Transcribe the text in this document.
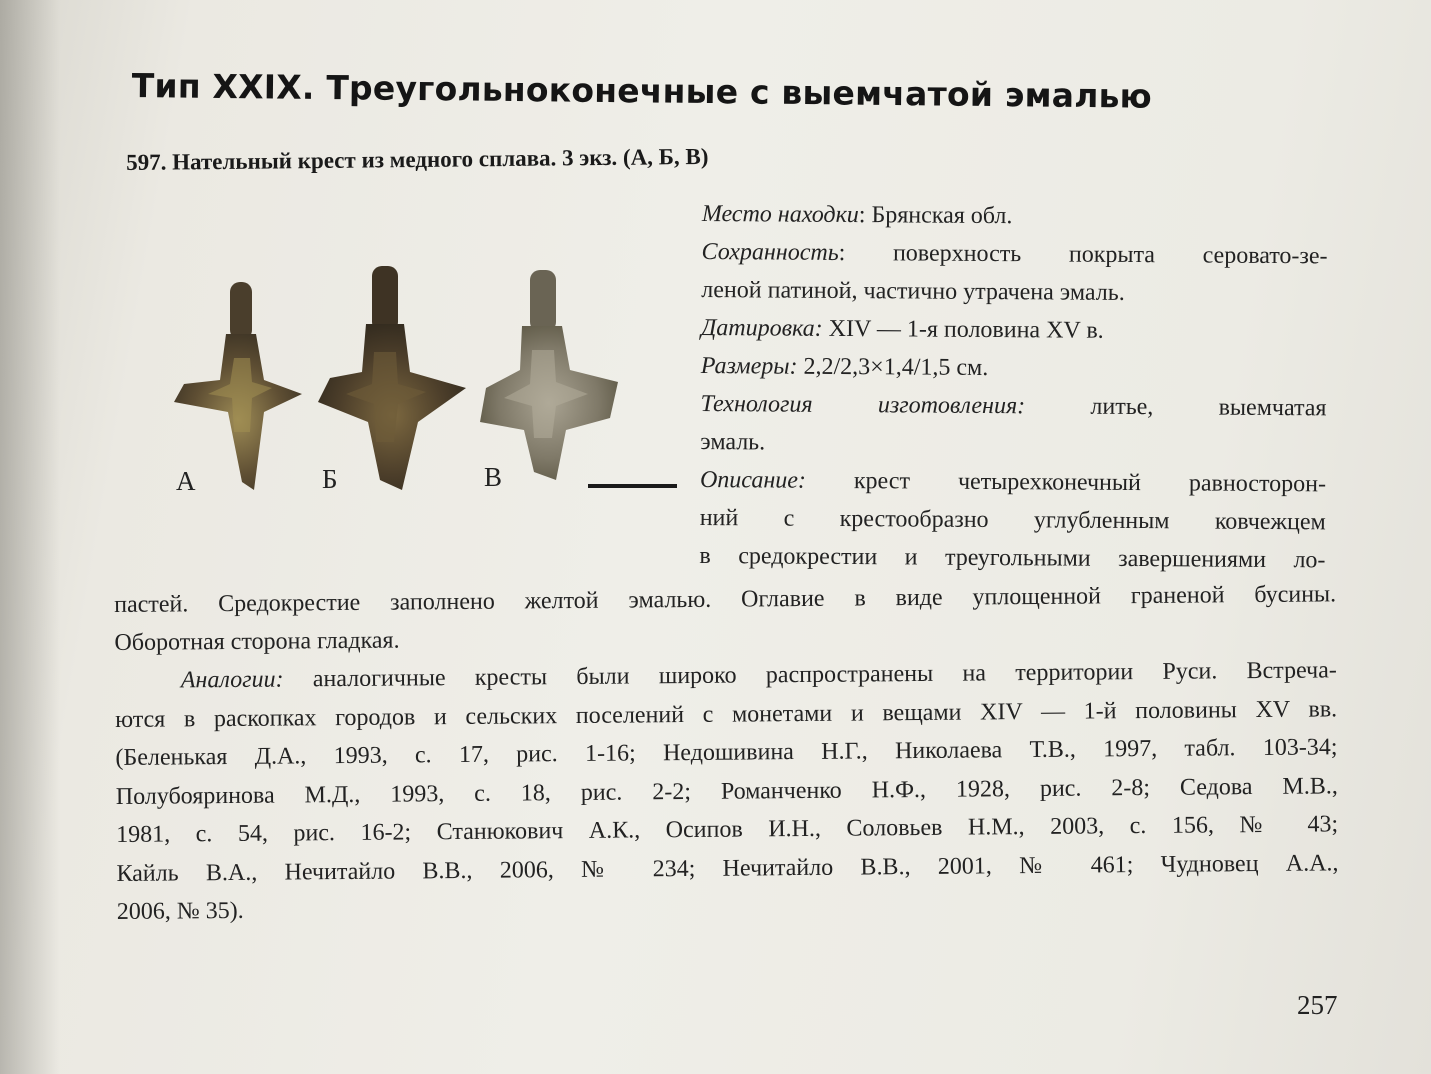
Тип XXIX. Треугольноконечные с выемчатой эмалью
597. Нательный крест из медного сплава. 3 экз. (А, Б, В)
А	Б	В
Место находки: Брянская обл.
Сохранность: поверхность покрыта серовато-зе-
леной патиной, частично утрачена эмаль.
Датировка: XIV — 1-я половина XV в.
Размеры: 2,2/2,3×1,4/1,5 см.
Технология изготовления: литье, выемчатая
эмаль.
Описание: крест четырехконечный равносторон-
ний с крестообразно углубленным ковчежцем
в средокрестии и треугольными завершениями ло-
пастей. Средокрестие заполнено желтой эмалью. Оглавие в виде уплощенной граненой бусины.
Оборотная сторона гладкая.
Аналогии: аналогичные кресты были широко распространены на территории Руси. Встреча-
ются в раскопках городов и сельских поселений с монетами и вещами XIV — 1-й половины XV вв.
(Беленькая Д.А., 1993, с. 17, рис. 1-16; Недошивина Н.Г., Николаева Т.В., 1997, табл. 103-34;
Полубояринова М.Д., 1993, с. 18, рис. 2-2; Романченко Н.Ф., 1928, рис. 2-8; Седова М.В.,
1981, с. 54, рис. 16-2; Станюкович А.К., Осипов И.Н., Соловьев Н.М., 2003, с. 156, № 43;
Кайль В.А., Нечитайло В.В., 2006, № 234; Нечитайло В.В., 2001, № 461; Чудновец А.А.,
2006, № 35).
257
